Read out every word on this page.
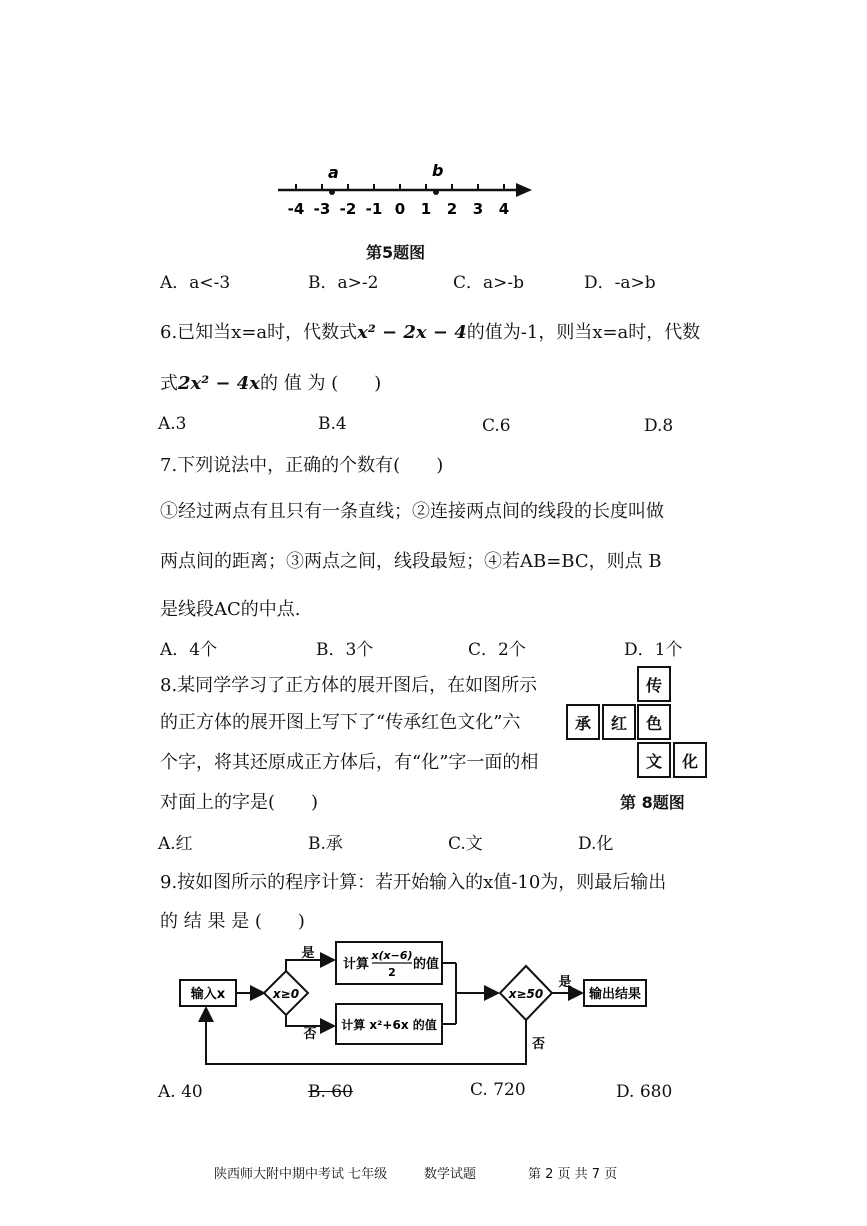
-4 -3 -2 -1 0 1 2 3 4
a	b
第5题图
A．a<-3	B．a>-2	C．a>-b	D．-a>b
6.已知当x=a时，代数式x² − 2x − 4的值为-1，则当x=a时，代数
式2x² − 4x的 值 为 (　　)
A.3	B.4	C.6	D.8
7.下列说法中，正确的个数有(　　)
①经过两点有且只有一条直线；②连接两点间的线段的长度叫做
两点间的距离；③两点之间，线段最短；④若AB=BC，则点 B
是线段AC的中点.
A．4个	B．3个	C．2个	D．1个
8.某同学学习了正方体的展开图后，在如图所示
的正方体的展开图上写下了“传承红色文化”六
个字，将其还原成正方体后，有“化”字一面的相
对面上的字是(　　)
传
承	红	色
文	化
第 8题图
A.红	B.承	C.文	D.化
9.按如图所示的程序计算：若开始输入的x值-10为，则最后输出
的 结 果 是 (　　)
输入x	x≥0
是
计算
x(x−6)
2
的值
否
计算 x²+6x 的值
x≥50
是
输出结果
否
A. 40	B. 60	C. 720	D. 680
陕西师大附中期中考试 七年级	数学试题	第 2 页 共 7 页
